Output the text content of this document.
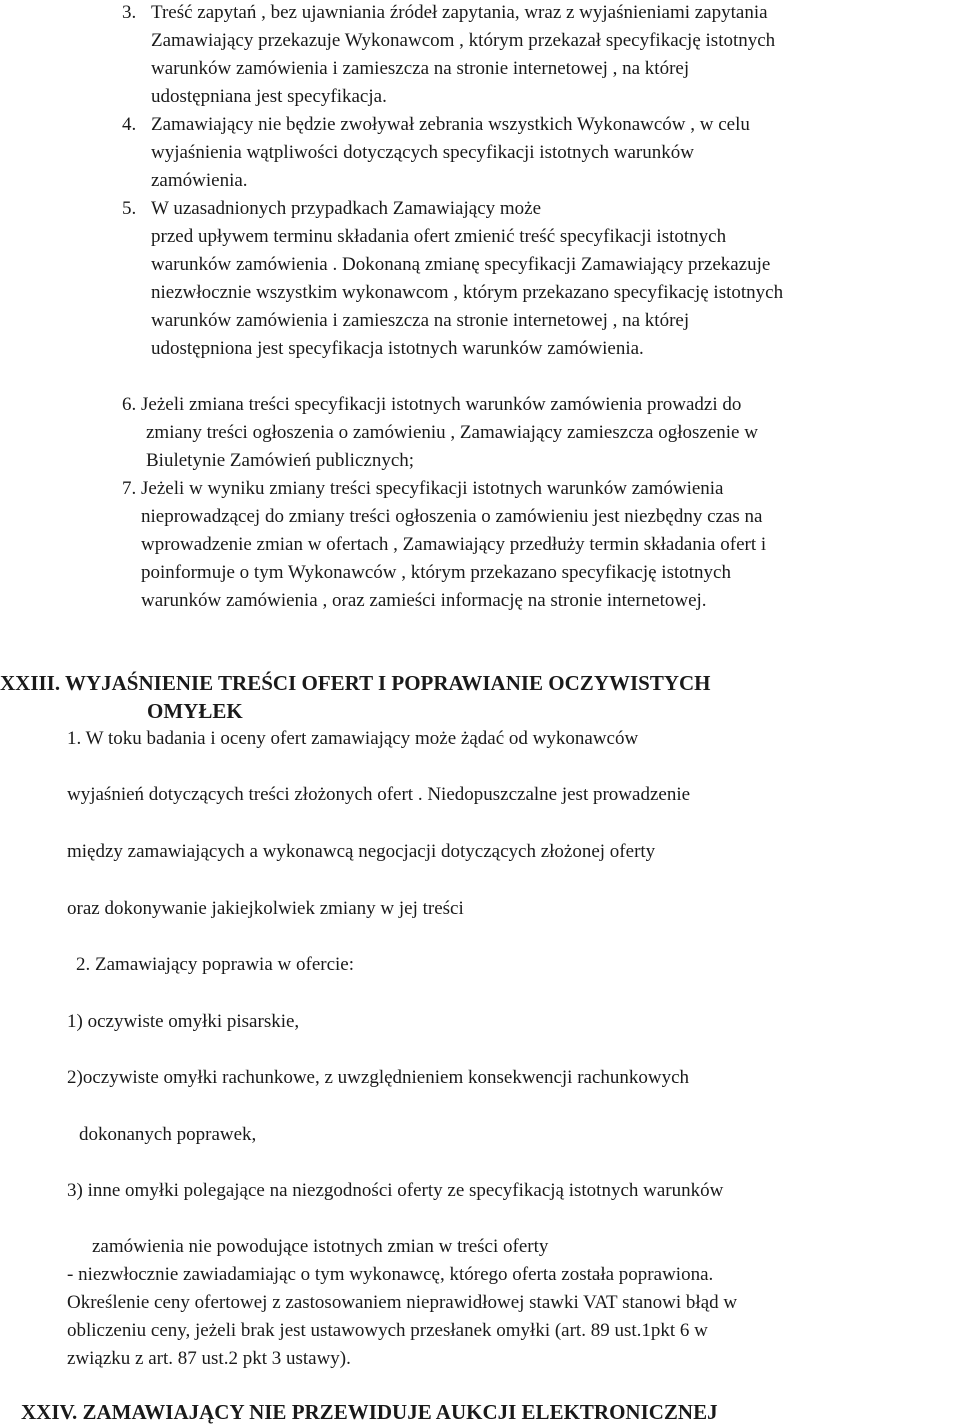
3. Treść zapytań , bez ujawniania źródeł zapytania, wraz z wyjaśnieniami zapytania
Zamawiający przekazuje Wykonawcom , którym przekazał specyfikację istotnych
warunków zamówienia i zamieszcza na stronie internetowej , na której
udostępniana jest specyfikacja.
4. Zamawiający nie będzie zwoływał zebrania wszystkich Wykonawców , w celu
wyjaśnienia wątpliwości dotyczących specyfikacji istotnych warunków
zamówienia.
5. W uzasadnionych przypadkach Zamawiający może
przed upływem terminu składania ofert zmienić treść specyfikacji istotnych
warunków zamówienia . Dokonaną zmianę specyfikacji Zamawiający przekazuje
niezwłocznie wszystkim wykonawcom , którym przekazano specyfikację istotnych
warunków zamówienia i zamieszcza na stronie internetowej , na której
udostępniona jest specyfikacja istotnych warunków zamówienia.
6. Jeżeli zmiana treści specyfikacji istotnych warunków zamówienia prowadzi do
zmiany treści ogłoszenia o zamówieniu , Zamawiający zamieszcza ogłoszenie w
Biuletynie Zamówień publicznych;
7. Jeżeli w wyniku zmiany treści specyfikacji istotnych warunków zamówienia
nieprowadzącej do zmiany treści ogłoszenia o zamówieniu jest niezbędny czas na
wprowadzenie zmian w ofertach , Zamawiający przedłuży termin składania ofert i
poinformuje o tym Wykonawców , którym przekazano specyfikację istotnych
warunków zamówienia , oraz zamieści informację na stronie internetowej.
XXIII. WYJAŚNIENIE TREŚCI OFERT I POPRAWIANIE OCZYWISTYCH
OMYŁEK
1. W toku badania i oceny ofert zamawiający może żądać od wykonawców
wyjaśnień dotyczących treści złożonych ofert . Niedopuszczalne jest prowadzenie
między zamawiających a wykonawcą negocjacji dotyczących złożonej oferty
oraz dokonywanie jakiejkolwiek zmiany w jej treści
2. Zamawiający poprawia w ofercie:
1) oczywiste omyłki pisarskie,
2)oczywiste omyłki rachunkowe, z uwzględnieniem konsekwencji rachunkowych
dokonanych poprawek,
3) inne omyłki polegające na niezgodności oferty ze specyfikacją istotnych warunków
zamówienia nie powodujące istotnych zmian w treści oferty
- niezwłocznie zawiadamiając o tym wykonawcę, którego oferta została poprawiona.
Określenie ceny ofertowej z zastosowaniem nieprawidłowej stawki VAT stanowi błąd w
obliczeniu ceny, jeżeli brak jest ustawowych przesłanek omyłki (art. 89 ust.1pkt 6 w
związku z art. 87 ust.2 pkt 3 ustawy).
XXIV. ZAMAWIAJĄCY NIE PRZEWIDUJE AUKCJI ELEKTRONICZNEJ
